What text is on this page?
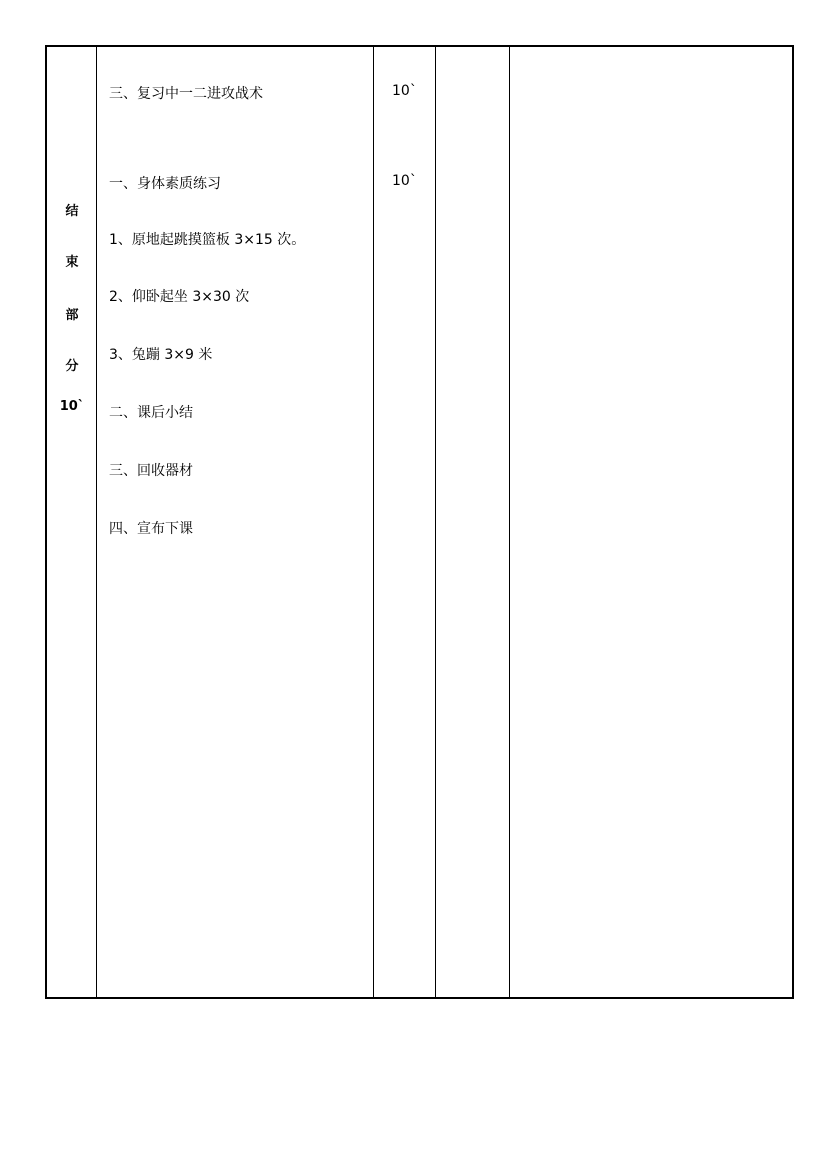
结
束
部
分
10`
三、复习中一二进攻战术
一、身体素质练习
1、原地起跳摸篮板 3×15 次。
2、仰卧起坐 3×30 次
3、兔蹦 3×9 米
二、课后小结
三、回收器材
四、宣布下课
10`
10`
